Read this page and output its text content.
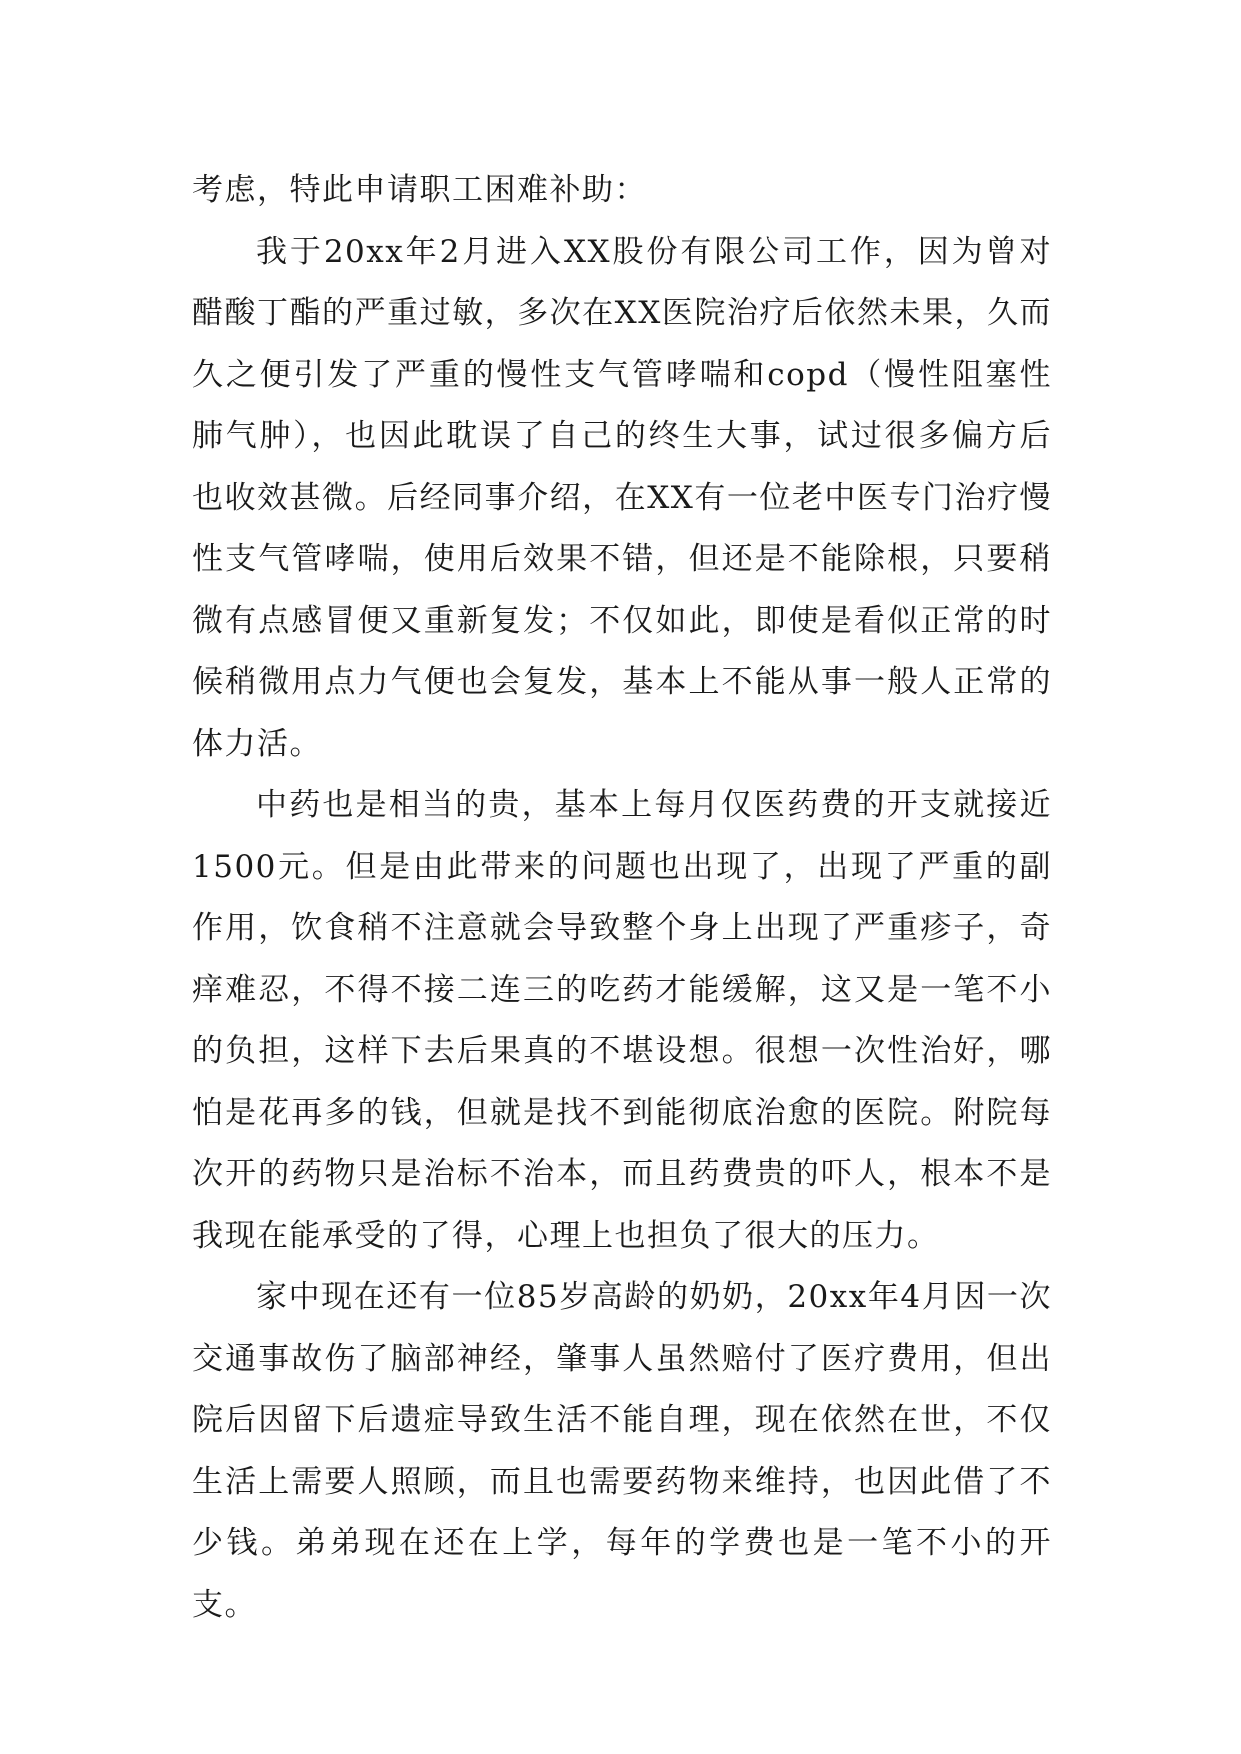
考虑，特此申请职工困难补助：

我于20xx年2月进入XX股份有限公司工作，因为曾对醋酸丁酯的严重过敏，多次在XX医院治疗后依然未果，久而久之便引发了严重的慢性支气管哮喘和copd（慢性阻塞性肺气肿），也因此耽误了自己的终生大事，试过很多偏方后也收效甚微。后经同事介绍，在XX有一位老中医专门治疗慢性支气管哮喘，使用后效果不错，但还是不能除根，只要稍微有点感冒便又重新复发；不仅如此，即使是看似正常的时候稍微用点力气便也会复发，基本上不能从事一般人正常的体力活。

中药也是相当的贵，基本上每月仅医药费的开支就接近1500元。但是由此带来的问题也出现了，出现了严重的副作用，饮食稍不注意就会导致整个身上出现了严重疹子，奇痒难忍，不得不接二连三的吃药才能缓解，这又是一笔不小的负担，这样下去后果真的不堪设想。很想一次性治好，哪怕是花再多的钱，但就是找不到能彻底治愈的医院。附院每次开的药物只是治标不治本，而且药费贵的吓人，根本不是我现在能承受的了得，心理上也担负了很大的压力。

家中现在还有一位85岁高龄的奶奶，20xx年4月因一次交通事故伤了脑部神经，肇事人虽然赔付了医疗费用，但出院后因留下后遗症导致生活不能自理，现在依然在世，不仅生活上需要人照顾，而且也需要药物来维持，也因此借了不少钱。弟弟现在还在上学，每年的学费也是一笔不小的开支。
